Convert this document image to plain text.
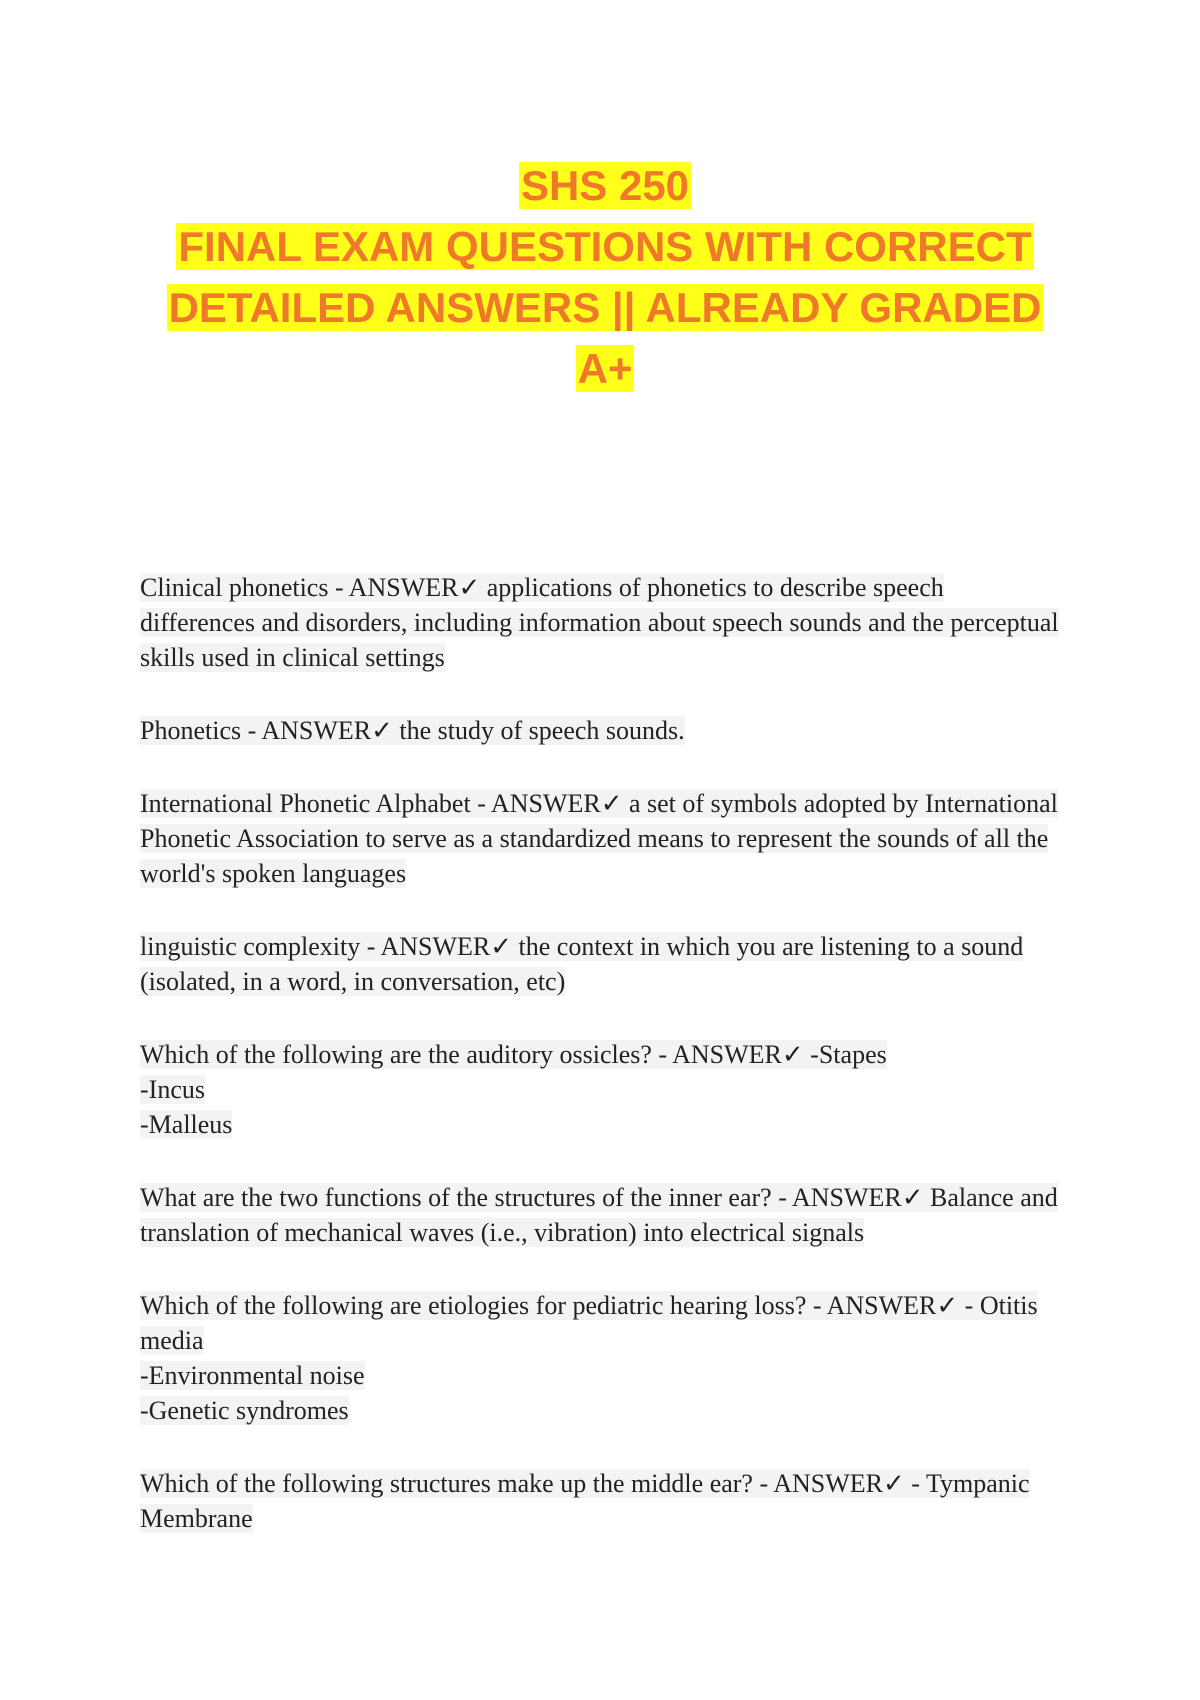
SHS 250
FINAL EXAM QUESTIONS WITH CORRECT DETAILED ANSWERS || ALREADY GRADED A+

Clinical phonetics - ANSWER✓ applications of phonetics to describe speech differences and disorders, including information about speech sounds and the perceptual skills used in clinical settings

Phonetics - ANSWER✓ the study of speech sounds.

International Phonetic Alphabet - ANSWER✓ a set of symbols adopted by International Phonetic Association to serve as a standardized means to represent the sounds of all the world's spoken languages

linguistic complexity - ANSWER✓ the context in which you are listening to a sound (isolated, in a word, in conversation, etc)

Which of the following are the auditory ossicles? - ANSWER✓ -Stapes
-Incus
-Malleus

What are the two functions of the structures of the inner ear? - ANSWER✓ Balance and translation of mechanical waves (i.e., vibration) into electrical signals

Which of the following are etiologies for pediatric hearing loss? - ANSWER✓ - Otitis media
-Environmental noise
-Genetic syndromes

Which of the following structures make up the middle ear? - ANSWER✓ - Tympanic Membrane
